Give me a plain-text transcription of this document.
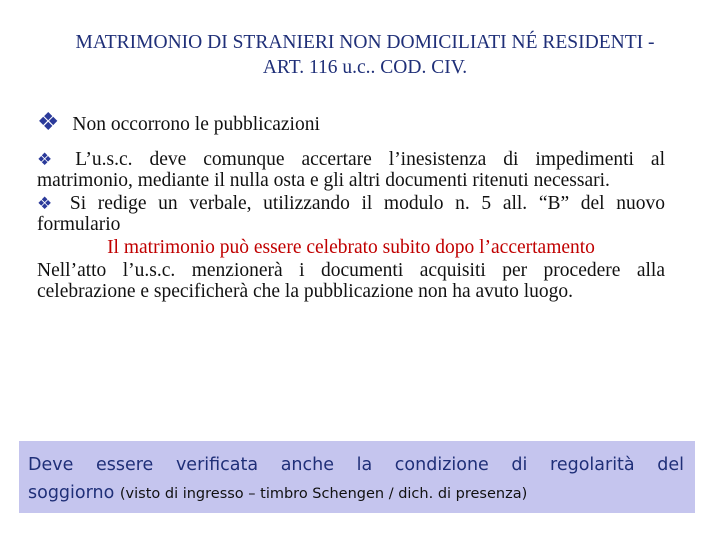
MATRIMONIO DI STRANIERI NON DOMICILIATI NÉ RESIDENTI -
ART. 116 u.c.. COD. CIV.

❖ Non occorrono le pubblicazioni

❖ L’u.s.c. deve comunque accertare l’inesistenza di impedimenti al matrimonio, mediante il nulla osta e gli altri documenti ritenuti necessari.

❖ Si redige un verbale, utilizzando il modulo n. 5 all. “B” del nuovo formulario

Il matrimonio può essere celebrato subito dopo l’accertamento

Nell’atto l’u.s.c. menzionerà i documenti acquisiti per procedere alla celebrazione e specificherà che la pubblicazione non ha avuto luogo.

Deve essere verificata anche la condizione di regolarità del
soggiorno (visto di ingresso – timbro Schengen / dich. di presenza)
